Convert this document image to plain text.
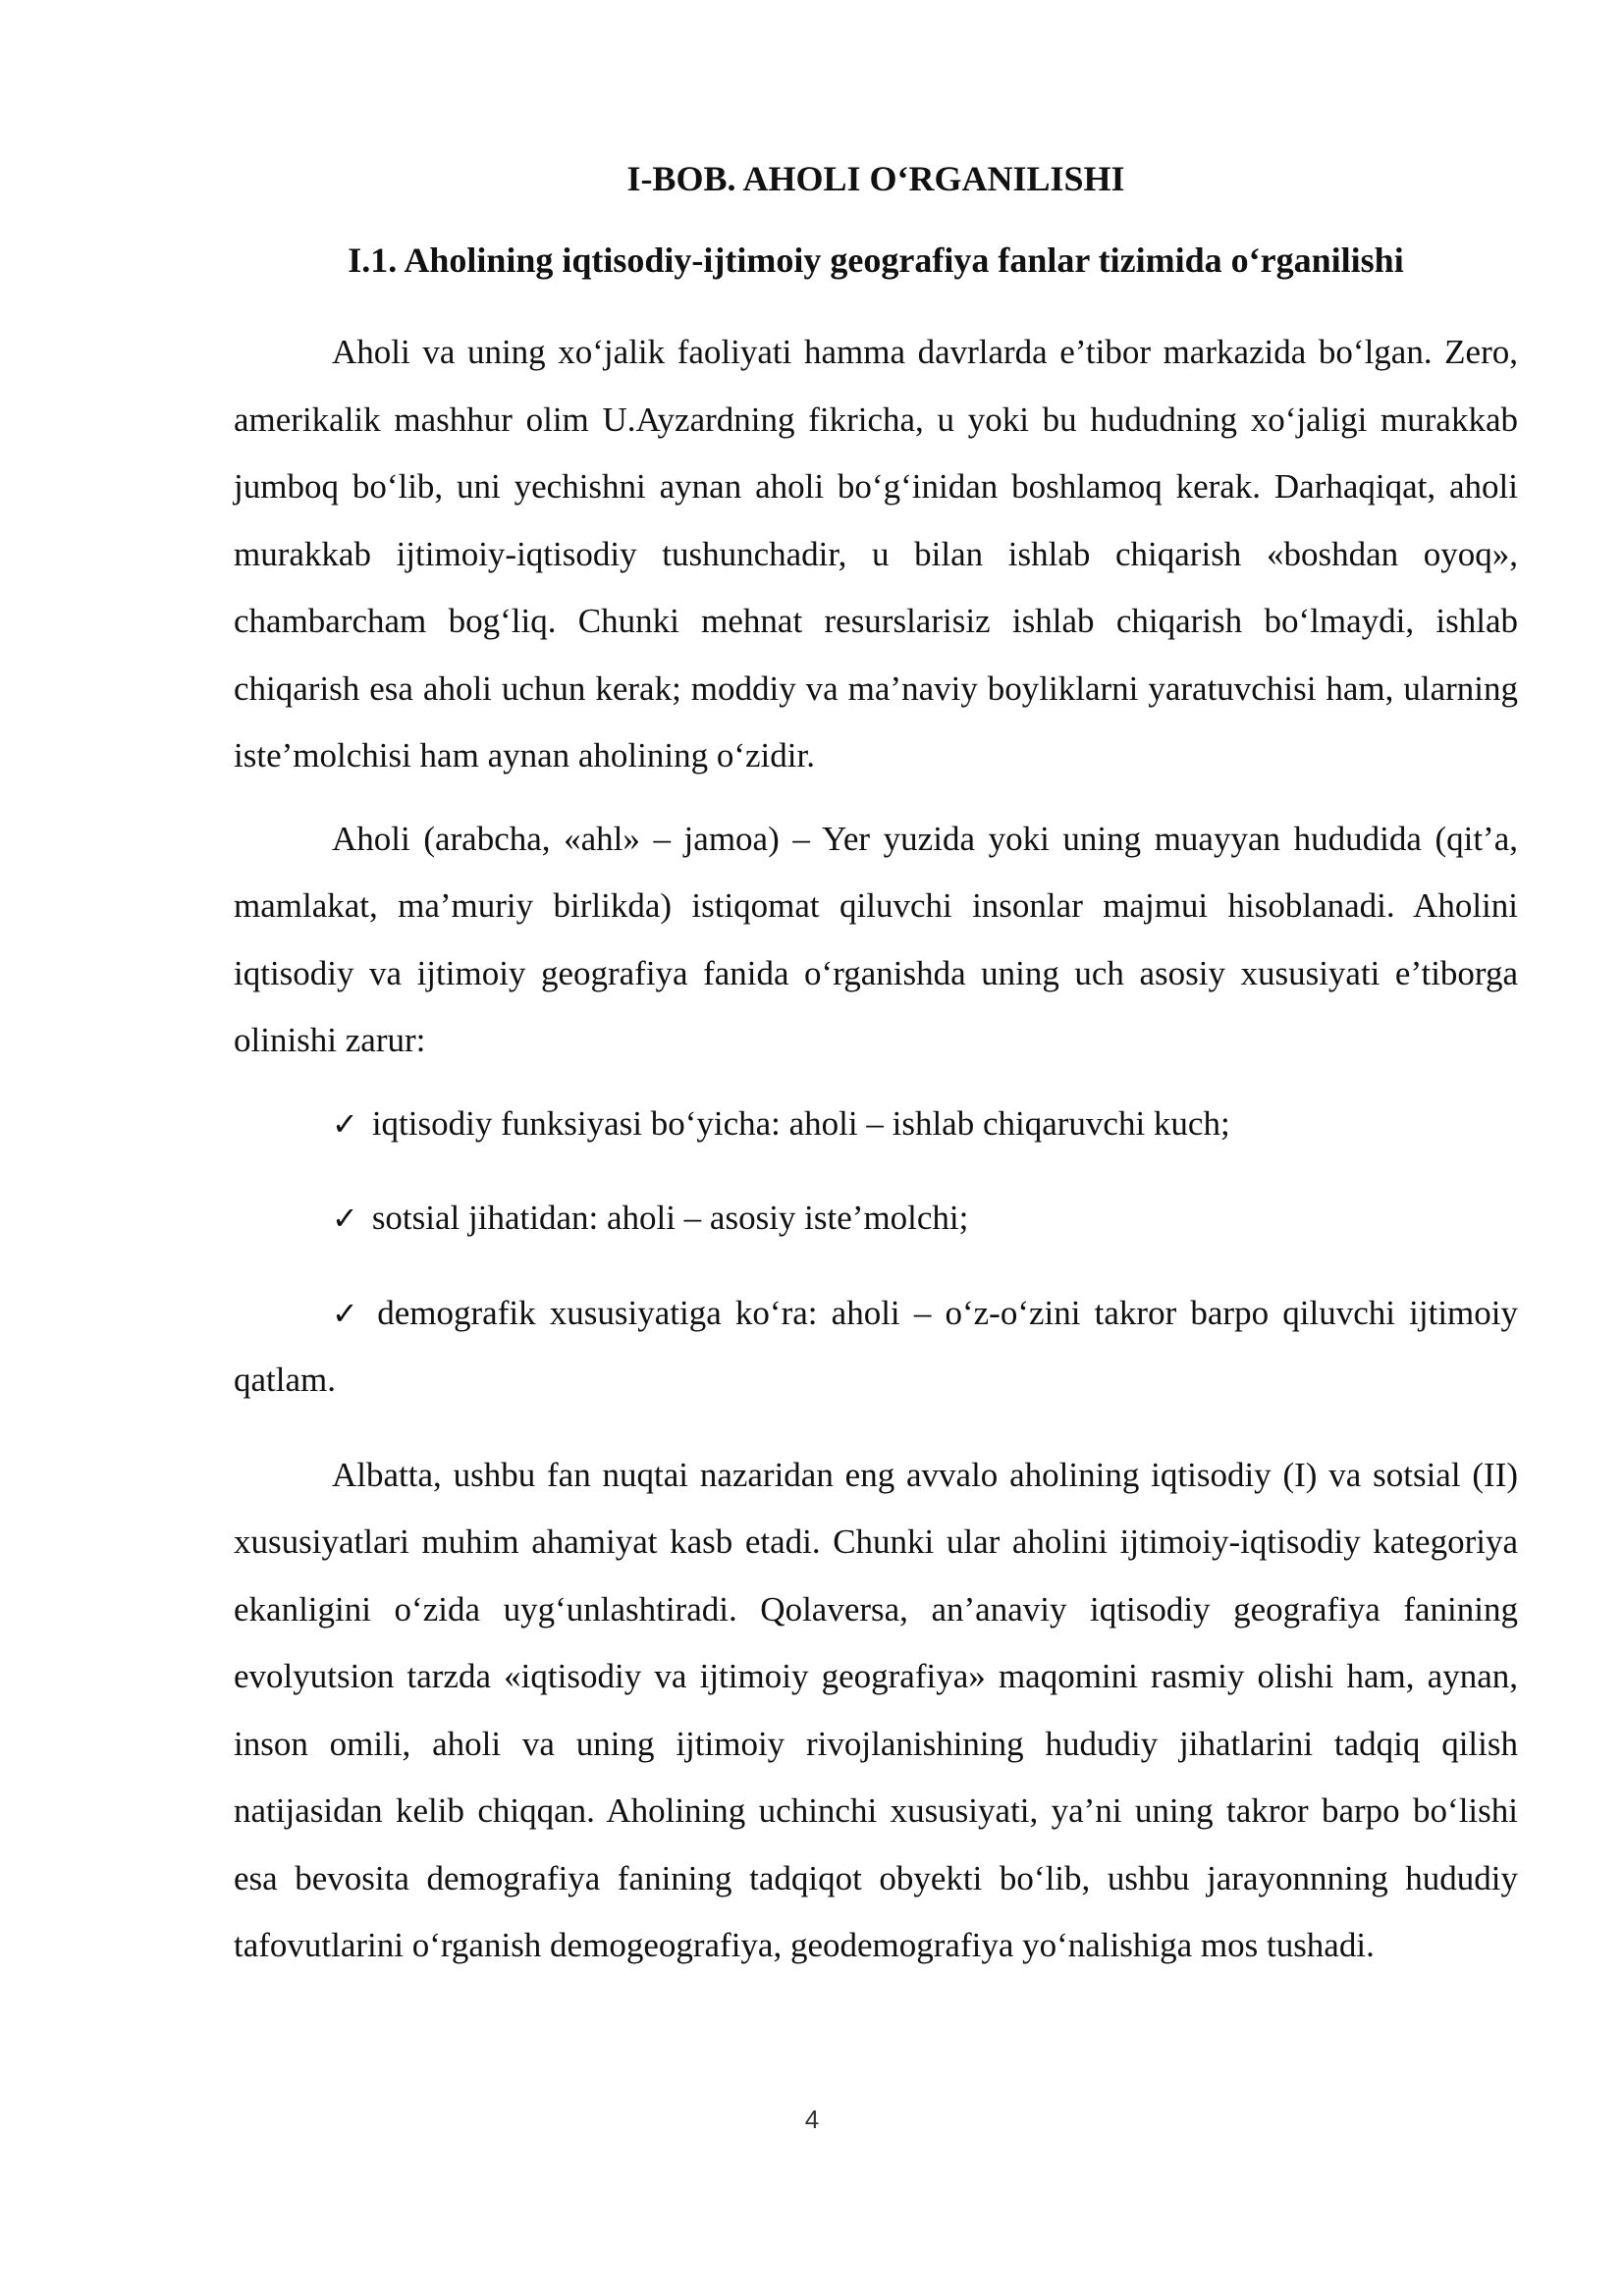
I-BOB. AHOLI O‘RGANILISHI
I.1. Aholining iqtisodiy-ijtimoiy geografiya fanlar tizimida o‘rganilishi

Aholi va uning xo‘jalik faoliyati hamma davrlarda e’tibor markazida bo‘lgan. Zero, amerikalik mashhur olim U.Ayzardning fikricha, u yoki bu hududning xo‘jaligi murakkab jumboq bo‘lib, uni yechishni aynan aholi bo‘g‘inidan boshlamoq kerak. Darhaqiqat, aholi murakkab ijtimoiy-iqtisodiy tushunchadir, u bilan ishlab chiqarish «boshdan oyoq», chambarcham bog‘liq. Chunki mehnat resurslarisiz ishlab chiqarish bo‘lmaydi, ishlab chiqarish esa aholi uchun kerak; moddiy va ma’naviy boyliklarni yaratuvchisi ham, ularning iste’molchisi ham aynan aholining o‘zidir.

Aholi (arabcha, «ahl» – jamoa) – Yer yuzida yoki uning muayyan hududida (qit’a, mamlakat, ma’muriy birlikda) istiqomat qiluvchi insonlar majmui hisoblanadi. Aholini iqtisodiy va ijtimoiy geografiya fanida o‘rganishda uning uch asosiy xususiyati e’tiborga olinishi zarur:

✓ iqtisodiy funksiyasi bo‘yicha: aholi – ishlab chiqaruvchi kuch;

✓ sotsial jihatidan: aholi – asosiy iste’molchi;

✓ demografik xususiyatiga ko‘ra: aholi – o‘z-o‘zini takror barpo qiluvchi ijtimoiy qatlam.

Albatta, ushbu fan nuqtai nazaridan eng avvalo aholining iqtisodiy (I) va sotsial (II) xususiyatlari muhim ahamiyat kasb etadi. Chunki ular aholini ijtimoiy-iqtisodiy kategoriya ekanligini o‘zida uyg‘unlashtiradi. Qolaversa, an’anaviy iqtisodiy geografiya fanining evolyutsion tarzda «iqtisodiy va ijtimoiy geografiya» maqomini rasmiy olishi ham, aynan, inson omili, aholi va uning ijtimoiy rivojlanishining hududiy jihatlarini tadqiq qilish natijasidan kelib chiqqan. Aholining uchinchi xususiyati, ya’ni uning takror barpo bo‘lishi esa bevosita demografiya fanining tadqiqot obyekti bo‘lib, ushbu jarayonnning hududiy tafovutlarini o‘rganish demogeografiya, geodemografiya yo‘nalishiga mos tushadi.

4
